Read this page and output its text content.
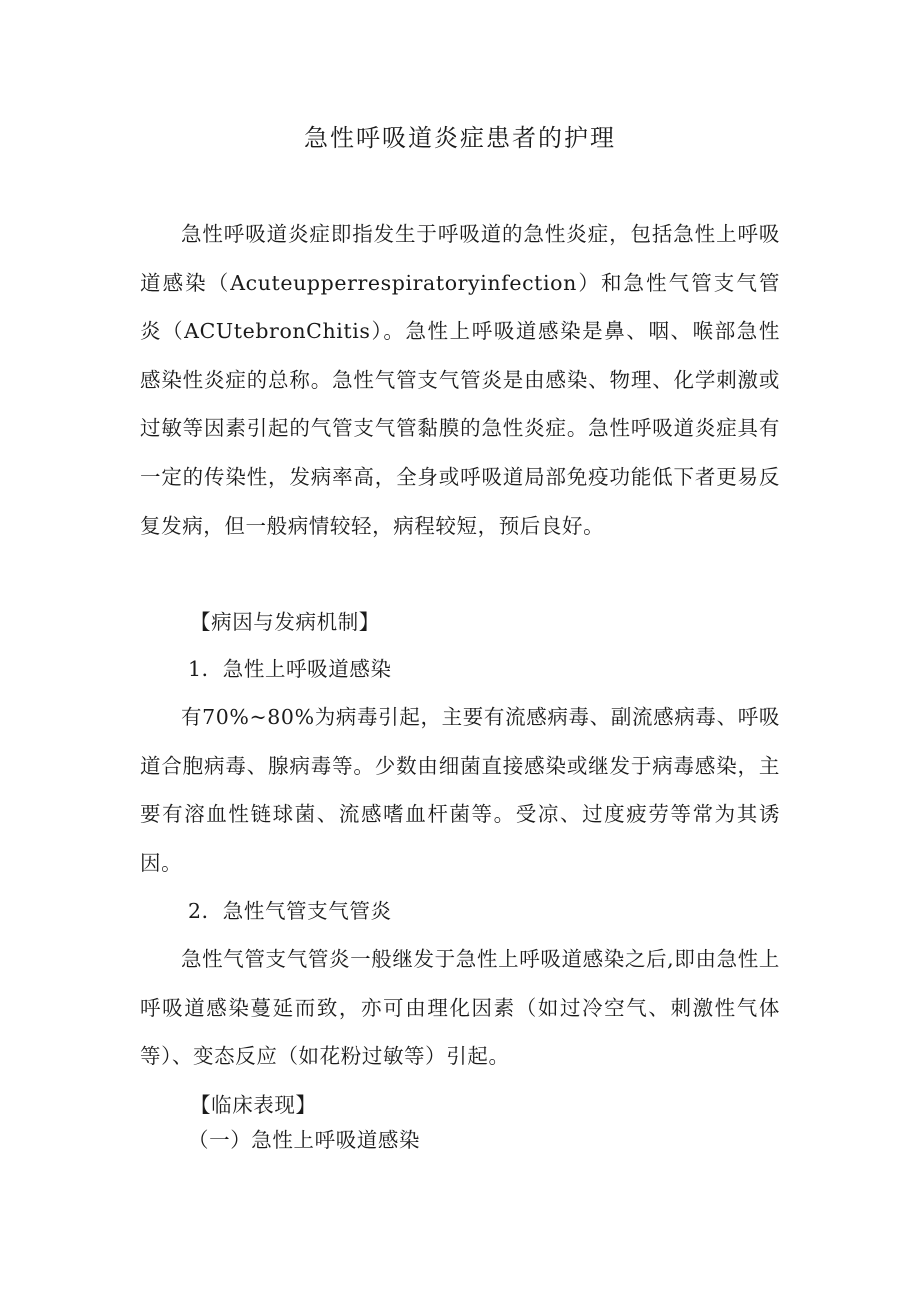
急性呼吸道炎症患者的护理

急性呼吸道炎症即指发生于呼吸道的急性炎症，包括急性上呼吸道感染（Acuteupperrespiratoryinfection）和急性气管支气管炎（ACUtebronChitis）。急性上呼吸道感染是鼻、咽、喉部急性感染性炎症的总称。急性气管支气管炎是由感染、物理、化学刺激或过敏等因素引起的气管支气管黏膜的急性炎症。急性呼吸道炎症具有一定的传染性，发病率高，全身或呼吸道局部免疫功能低下者更易反复发病，但一般病情较轻，病程较短，预后良好。

【病因与发病机制】

1．急性上呼吸道感染

有70%~80%为病毒引起，主要有流感病毒、副流感病毒、呼吸道合胞病毒、腺病毒等。少数由细菌直接感染或继发于病毒感染，主要有溶血性链球菌、流感嗜血杆菌等。受凉、过度疲劳等常为其诱因。

2．急性气管支气管炎

急性气管支气管炎一般继发于急性上呼吸道感染之后,即由急性上呼吸道感染蔓延而致，亦可由理化因素（如过冷空气、刺激性气体等）、变态反应（如花粉过敏等）引起。

【临床表现】

（一）急性上呼吸道感染
